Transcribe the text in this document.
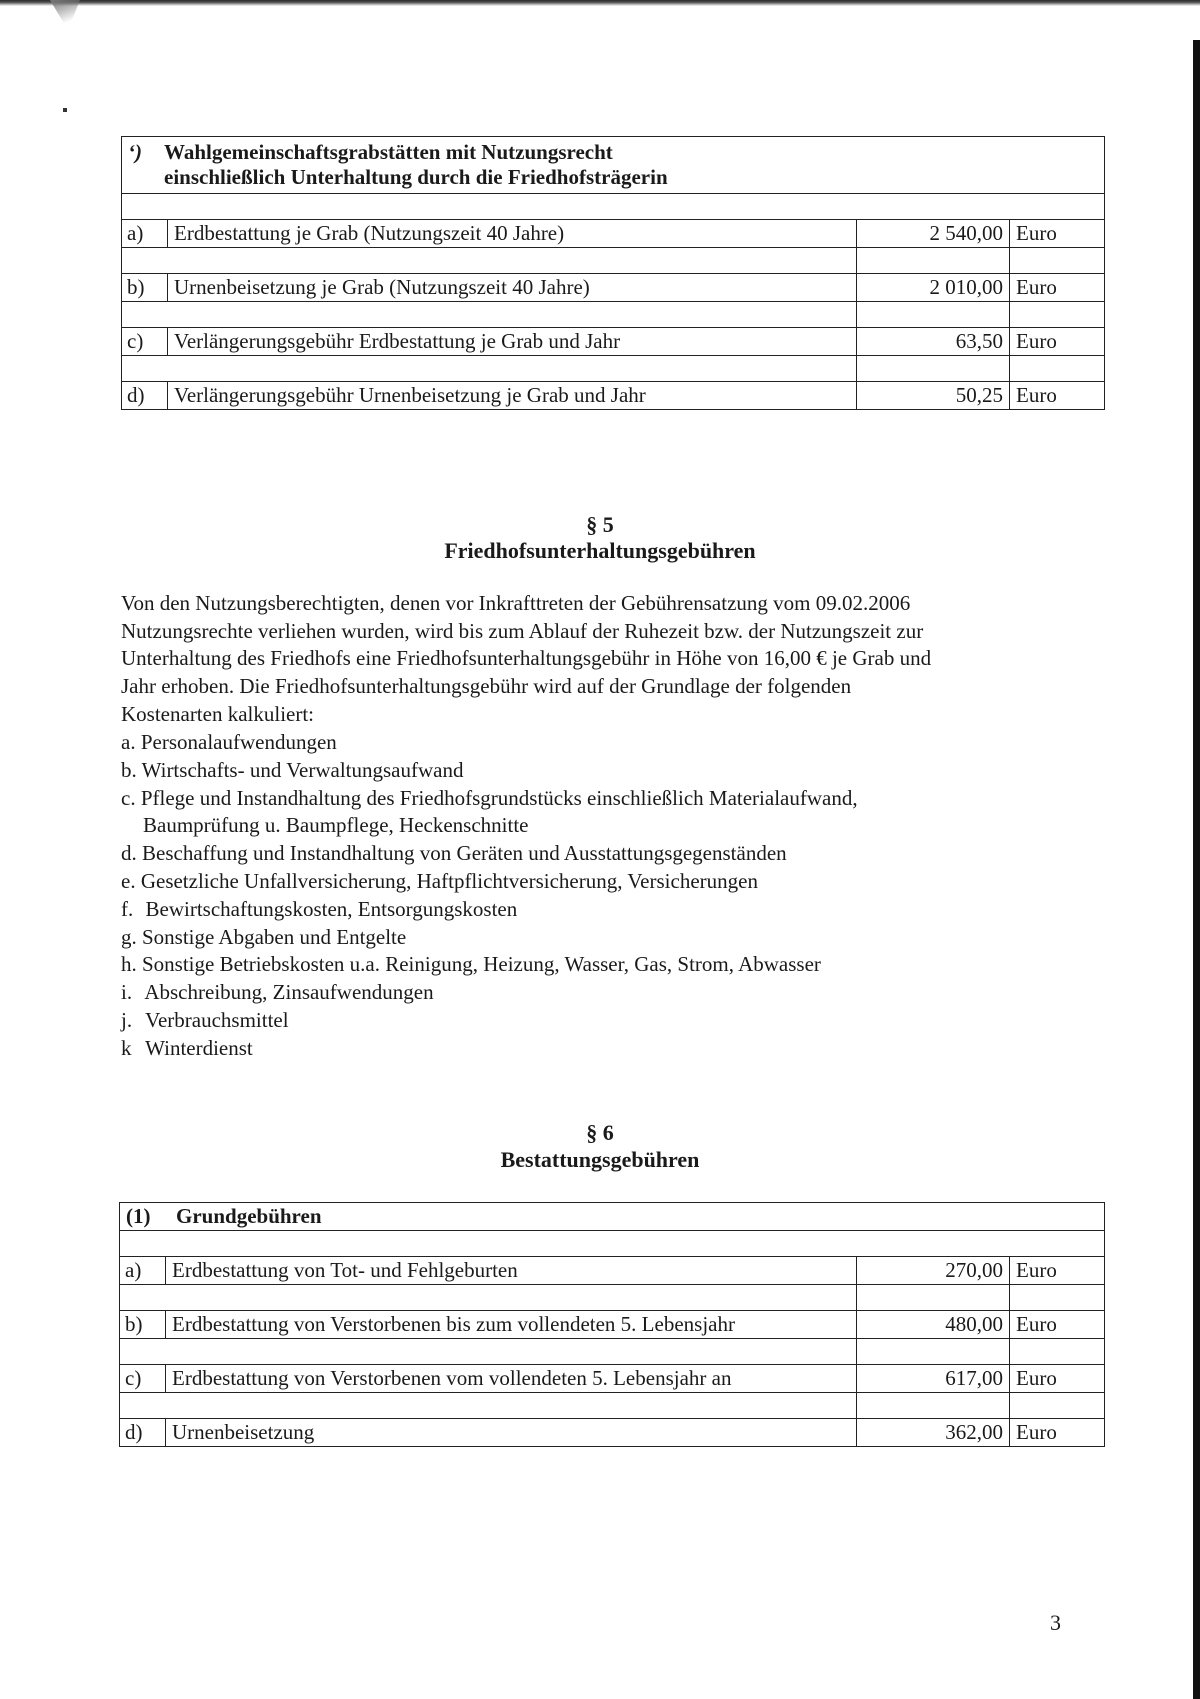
‘) Wahlgemeinschaftsgrabstätten mit Nutzungsrecht
einschließlich Unterhaltung durch die Friedhofsträgerin			

a)	Erdbestattung je Grab (Nutzungszeit 40 Jahre)	2 540,00	Euro

b)	Urnenbeisetzung je Grab (Nutzungszeit 40 Jahre)	2 010,00	Euro

c)	Verlängerungsgebühr Erdbestattung je Grab und Jahr	63,50	Euro

d)	Verlängerungsgebühr Urnenbeisetzung je Grab und Jahr	50,25	Euro
§ 5
Friedhofsunterhaltungsgebühren
Von den Nutzungsberechtigten, denen vor Inkrafttreten der Gebührensatzung vom 09.02.2006
Nutzungsrechte verliehen wurden, wird bis zum Ablauf der Ruhezeit bzw. der Nutzungszeit zur
Unterhaltung des Friedhofs eine Friedhofsunterhaltungsgebühr in Höhe von 16,00 € je Grab und
Jahr erhoben. Die Friedhofsunterhaltungsgebühr wird auf der Grundlage der folgenden
Kostenarten kalkuliert:
a. Personalaufwendungen
b. Wirtschafts- und Verwaltungsaufwand
c. Pflege und Instandhaltung des Friedhofsgrundstücks einschließlich Materialaufwand,
Baumprüfung u. Baumpflege, Heckenschnitte
d. Beschaffung und Instandhaltung von Geräten und Ausstattungsgegenständen
e. Gesetzliche Unfallversicherung, Haftpflichtversicherung, Versicherungen
f. Bewirtschaftungskosten, Entsorgungskosten
g. Sonstige Abgaben und Entgelte
h. Sonstige Betriebskosten u.a. Reinigung, Heizung, Wasser, Gas, Strom, Abwasser
i. Abschreibung, Zinsaufwendungen
j. Verbrauchsmittel
k Winterdienst
§ 6
Bestattungsgebühren
(1) Grundgebühren			

a)	Erdbestattung von Tot- und Fehlgeburten	270,00	Euro

b)	Erdbestattung von Verstorbenen bis zum vollendeten 5. Lebensjahr	480,00	Euro

c)	Erdbestattung von Verstorbenen vom vollendeten 5. Lebensjahr an	617,00	Euro

d)	Urnenbeisetzung	362,00	Euro
3
